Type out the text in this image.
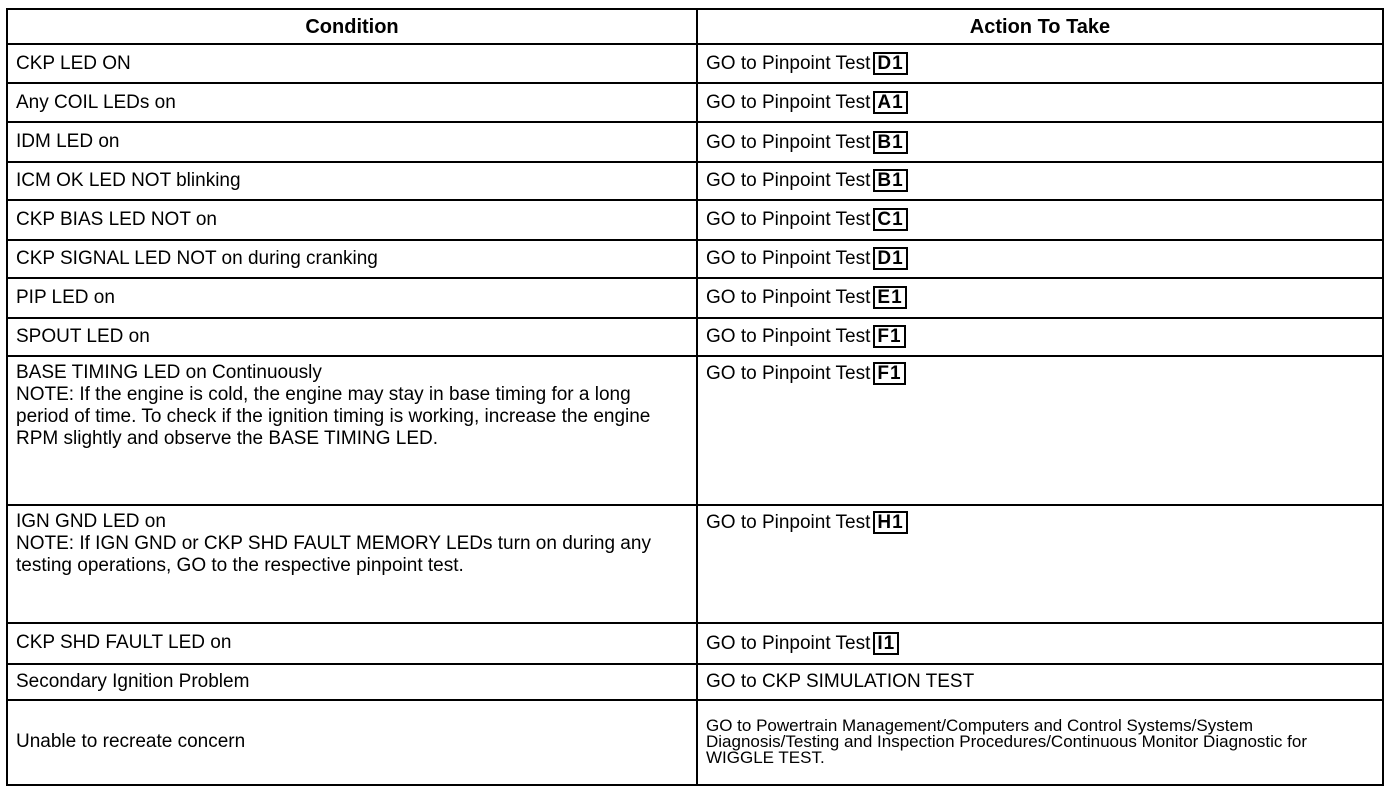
Condition	Action To Take
CKP LED ON	GO to Pinpoint Test D1
Any COIL LEDs on	GO to Pinpoint Test A1
IDM LED on	GO to Pinpoint Test B1
ICM OK LED NOT blinking	GO to Pinpoint Test B1
CKP BIAS LED NOT on	GO to Pinpoint Test C1
CKP SIGNAL LED NOT on during cranking	GO to Pinpoint Test D1
PIP LED on	GO to Pinpoint Test E1
SPOUT LED on	GO to Pinpoint Test F1

BASE TIMING LED on Continuously
NOTE: If the engine is cold, the engine may stay in base timing for a long period of time. To check if the ignition timing is working, increase the engine RPM slightly and observe the BASE TIMING LED.	GO to Pinpoint Test F1

IGN GND LED on
NOTE: If IGN GND or CKP SHD FAULT MEMORY LEDs turn on during any testing operations, GO to the respective pinpoint test.	GO to Pinpoint Test H1
CKP SHD FAULT LED on	GO to Pinpoint Test I1
Secondary Ignition Problem	GO to CKP SIMULATION TEST
Unable to recreate concern	GO to Powertrain Management/Computers and Control Systems/System Diagnosis/Testing and Inspection Procedures/Continuous Monitor Diagnostic for WIGGLE TEST.
